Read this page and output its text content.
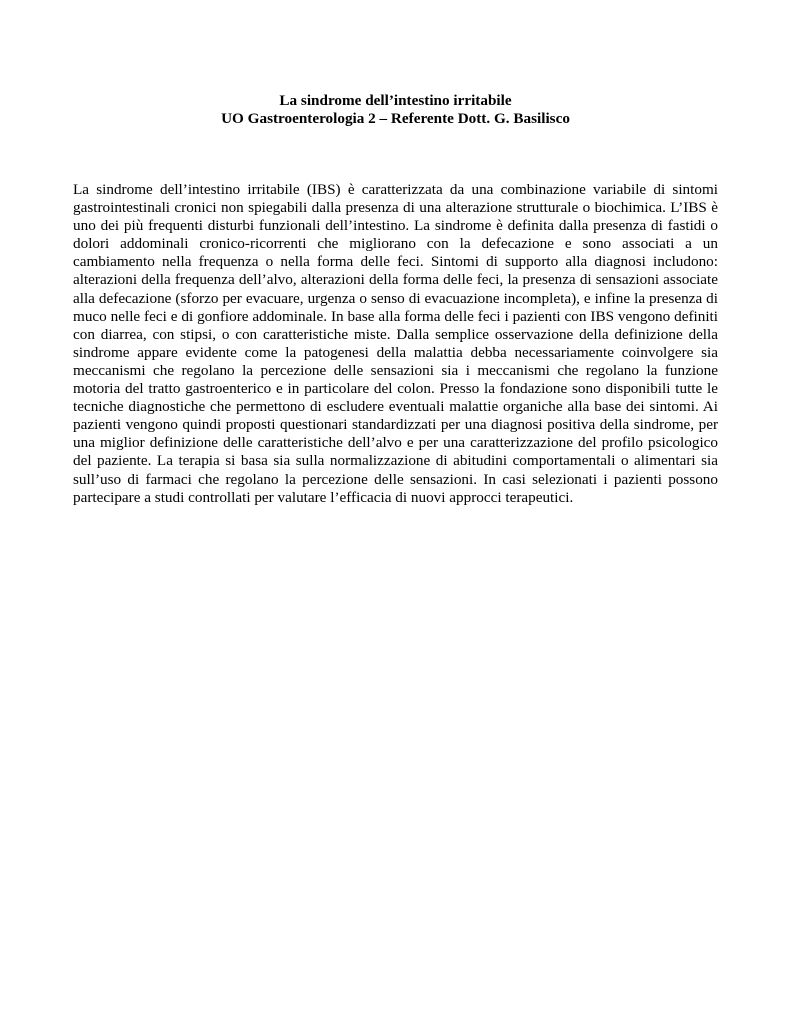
La sindrome dell’intestino irritabile
UO Gastroenterologia 2 – Referente Dott. G. Basilisco

La sindrome dell’intestino irritabile (IBS) è caratterizzata da una combinazione variabile di sintomi gastrointestinali cronici non spiegabili dalla presenza di una alterazione strutturale o biochimica. L’IBS è uno dei più frequenti disturbi funzionali dell’intestino. La sindrome è definita dalla presenza di fastidi o dolori addominali cronico-ricorrenti che migliorano con la defecazione e sono associati a un cambiamento nella frequenza o nella forma delle feci. Sintomi di supporto alla diagnosi includono: alterazioni della frequenza dell’alvo, alterazioni della forma delle feci, la presenza di sensazioni associate alla defecazione (sforzo per evacuare, urgenza o senso di evacuazione incompleta), e infine la presenza di muco nelle feci e di gonfiore addominale. In base alla forma delle feci i pazienti con IBS vengono definiti con diarrea, con stipsi, o con caratteristiche miste. Dalla semplice osservazione della definizione della sindrome appare evidente come la patogenesi della malattia debba necessariamente coinvolgere sia meccanismi che regolano la percezione delle sensazioni sia i meccanismi che regolano la funzione motoria del tratto gastroenterico e in particolare del colon. Presso la fondazione sono disponibili tutte le tecniche diagnostiche che permettono di escludere eventuali malattie organiche alla base dei sintomi. Ai pazienti vengono quindi proposti questionari standardizzati per una diagnosi positiva della sindrome, per una miglior definizione delle caratteristiche dell’alvo e per una caratterizzazione del profilo psicologico del paziente. La terapia si basa sia sulla normalizzazione di abitudini comportamentali o alimentari sia sull’uso di farmaci che regolano la percezione delle sensazioni. In casi selezionati i pazienti possono partecipare a studi controllati per valutare l’efficacia di nuovi approcci terapeutici.
